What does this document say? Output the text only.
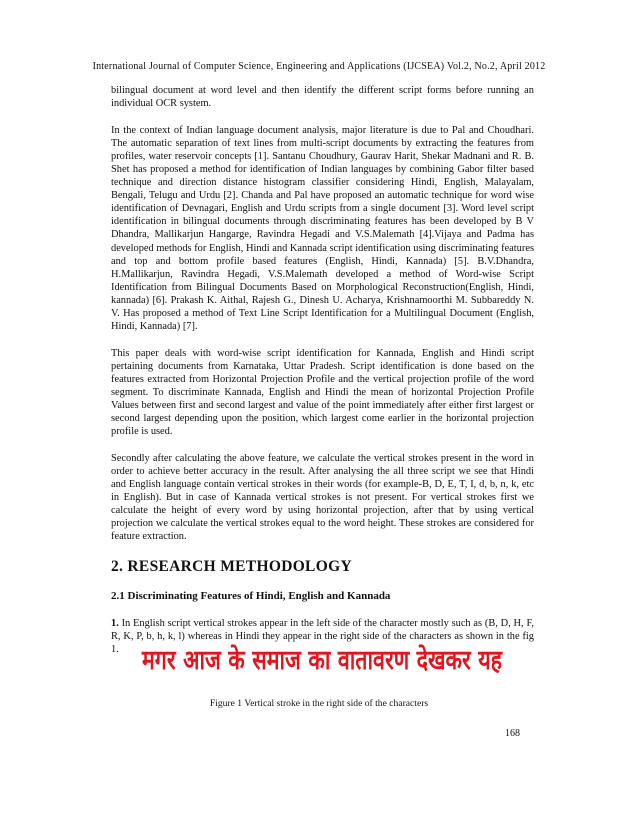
International Journal of Computer Science, Engineering and Applications (IJCSEA) Vol.2, No.2, April 2012

bilingual document at word level and then identify the different script forms before running an individual OCR system.

In the context of Indian language document analysis, major literature is due to Pal and Choudhari. The automatic separation of text lines from multi-script documents by extracting the features from profiles, water reservoir concepts [1]. Santanu Choudhury, Gaurav Harit, Shekar Madnani and R. B. Shet has proposed a method for identification of Indian languages by combining Gabor filter based technique and direction distance histogram classifier considering Hindi, English, Malayalam, Bengali, Telugu and Urdu [2]. Chanda and Pal have proposed an automatic technique for word wise identification of Devnagari, English and Urdu scripts from a single document [3]. Word level script identification in bilingual documents through discriminating features has been developed by B V Dhandra, Mallikarjun Hangarge, Ravindra Hegadi and V.S.Malemath [4].Vijaya and Padma has developed methods for English, Hindi and Kannada script identification using discriminating features and top and bottom profile based features (English, Hindi, Kannada) [5]. B.V.Dhandra, H.Mallikarjun, Ravindra Hegadi, V.S.Malemath developed a method of Word-wise Script Identification from Bilingual Documents Based on Morphological Reconstruction(English, Hindi, kannada) [6]. Prakash K. Aithal, Rajesh G., Dinesh U. Acharya, Krishnamoorthi M. Subbareddy N. V. Has proposed a method of Text Line Script Identification for a Multilingual Document (English, Hindi, Kannada) [7].

This paper deals with word-wise script identification for Kannada, English and Hindi script pertaining documents from Karnataka, Uttar Pradesh. Script identification is done based on the features extracted from Horizontal Projection Profile and the vertical projection profile of the word segment. To discriminate Kannada, English and Hindi the mean of horizontal Projection Profile Values between first and second largest and value of the point immediately after either first largest or second largest depending upon the position, which largest come earlier in the horizontal projection profile is used.

Secondly after calculating the above feature, we calculate the vertical strokes present in the word in order to achieve better accuracy in the result. After analysing the all three script we see that Hindi and English language contain vertical strokes in their words (for example-B, D, E, T, I, d, b, n, k, etc in English). But in case of Kannada vertical strokes is not present. For vertical strokes first we calculate the height of every word by using horizontal projection, after that by using vertical projection we calculate the vertical strokes equal to the word height. These strokes are considered for feature extraction.

2. RESEARCH METHODOLOGY
2.1 Discriminating Features of Hindi, English and Kannada

1. In English script vertical strokes appear in the left side of the character mostly such as (B, D, H, F, R, K, P, b, h, k, l) whereas in Hindi they appear in the right side of the characters as shown in the fig 1. मगर आज के समाज का वातावरण देखकर यह
Figure 1 Vertical stroke in the right side of the characters
168
